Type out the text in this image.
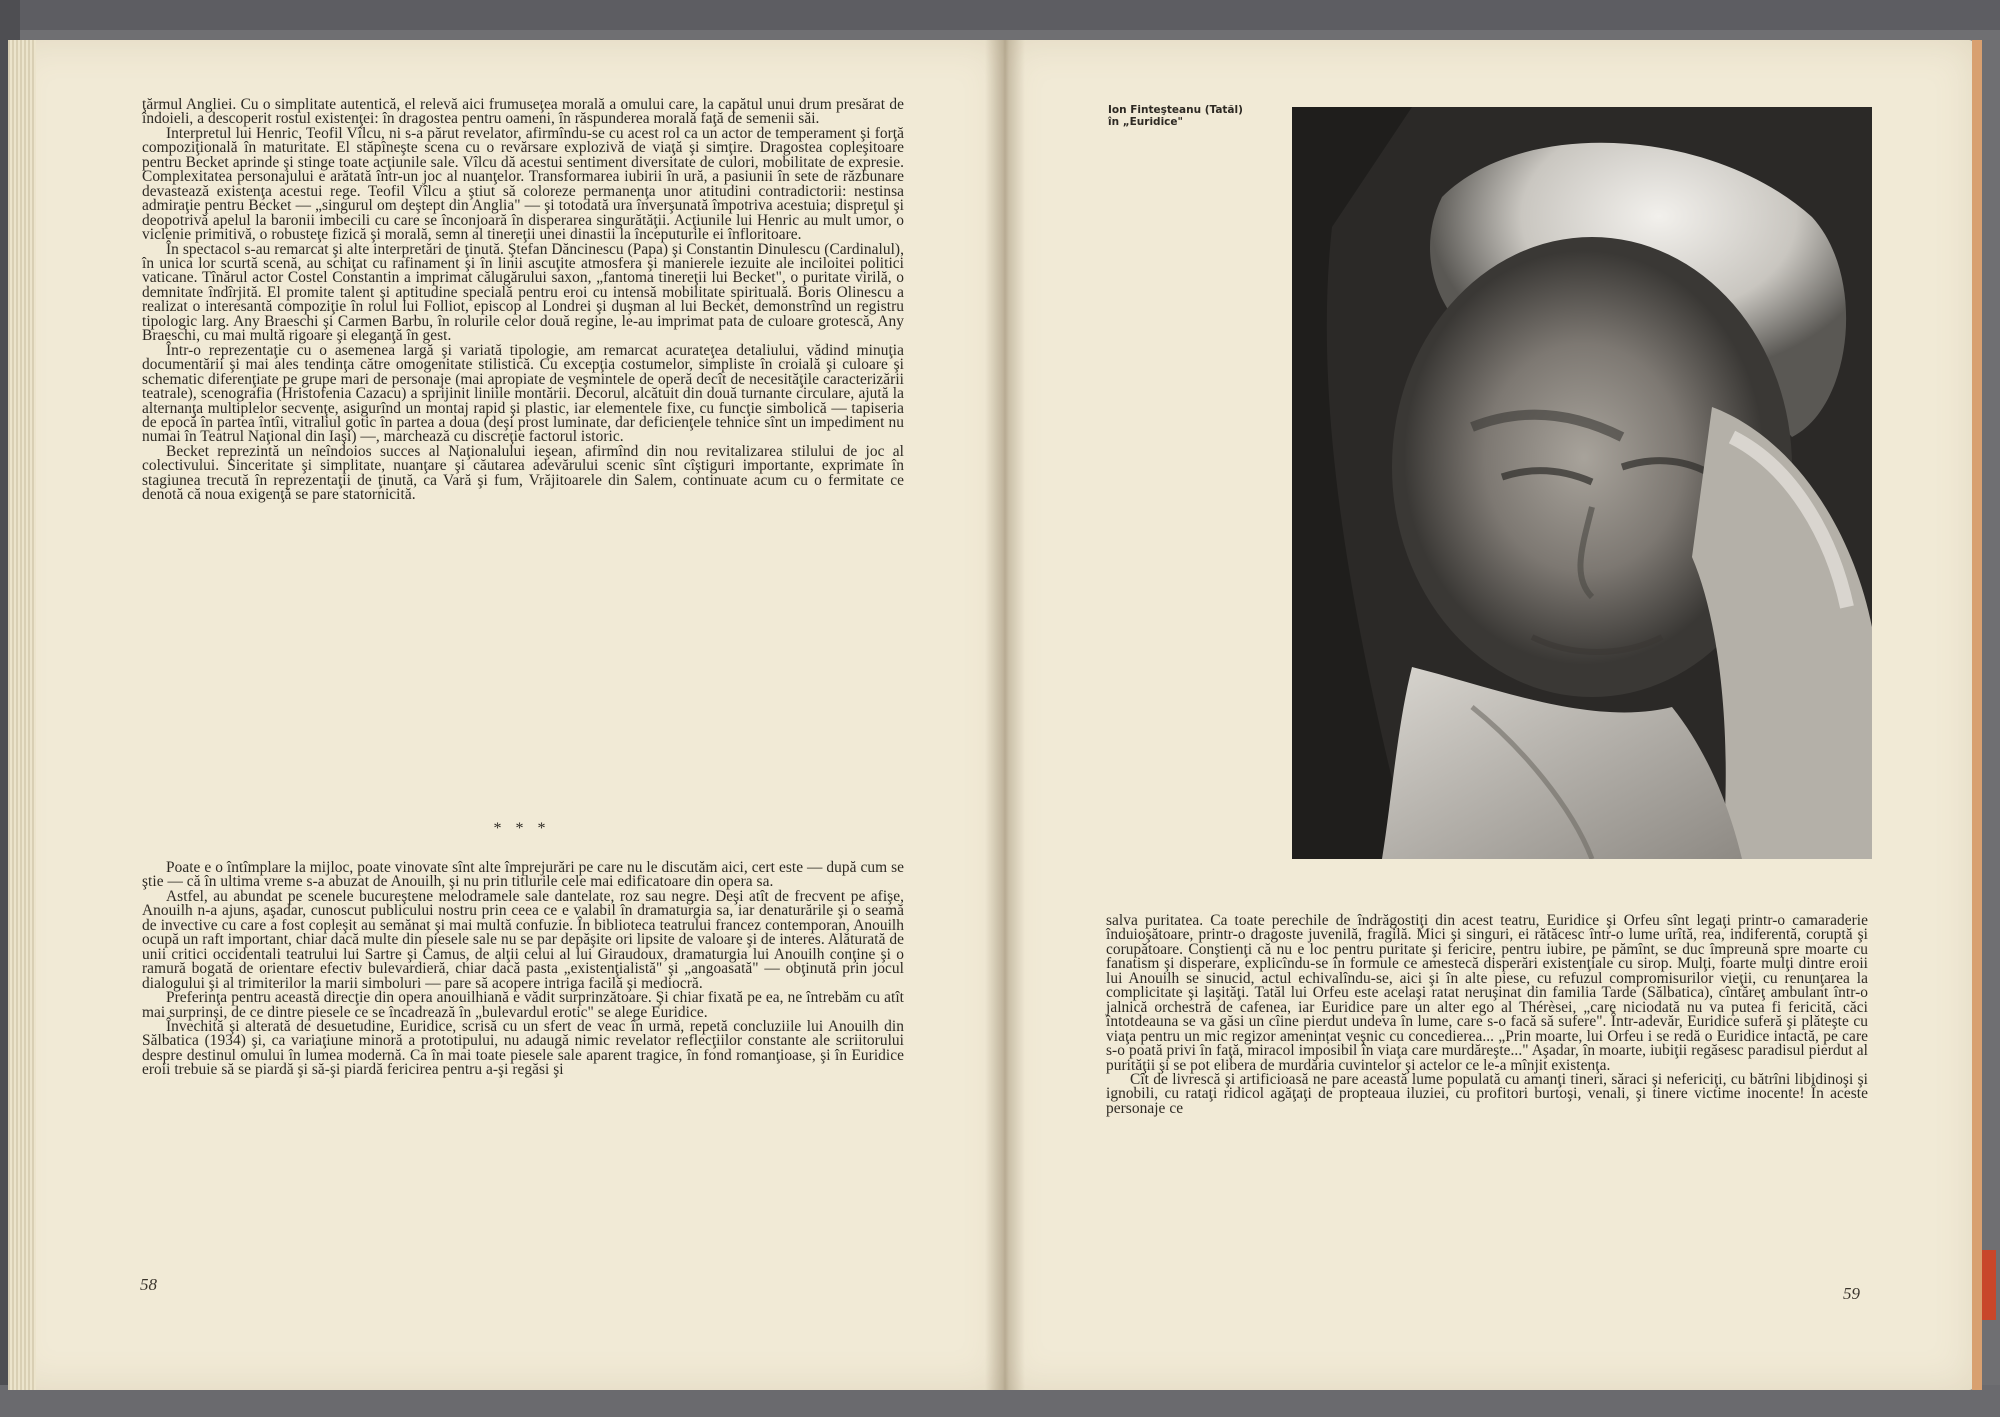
ţărmul Angliei. Cu o simplitate autentică, el relevă aici frumuseţea morală a omului care, la capătul unui drum presărat de îndoieli, a descoperit rostul existenţei: în dragostea pentru oameni, în răspunderea morală faţă de semenii săi.

Interpretul lui Henric, Teofil Vîlcu, ni s-a părut revelator, afirmîndu-se cu acest rol ca un actor de temperament şi forţă compoziţională în maturitate. El stăpîneşte scena cu o revărsare explozivă de viaţă şi simţire. Dragostea copleşitoare pentru Becket aprinde şi stinge toate acţiunile sale. Vîlcu dă acestui sentiment diversitate de culori, mobilitate de expresie. Complexitatea personajului e arătată într-un joc al nuanţelor. Transformarea iubirii în ură, a pasiunii în sete de răzbunare devastează existenţa acestui rege. Teofil Vîlcu a ştiut să coloreze permanenţa unor atitudini contradictorii: nestinsa admiraţie pentru Becket — „singurul om deştept din Anglia" — şi totodată ura înverşunată împotriva acestuia; dispreţul şi deopotrivă apelul la baronii imbecili cu care se înconjoară în disperarea singurătăţii. Acţiunile lui Henric au mult umor, o viclenie primitivă, o robusteţe fizică şi morală, semn al tinereţii unei dinastii la începuturile ei înfloritoare.

În spectacol s-au remarcat şi alte interpretări de ţinută. Ştefan Dăncinescu (Papa) şi Constantin Dinulescu (Cardinalul), în unica lor scurtă scenă, au schiţat cu rafinament şi în linii ascuţite atmosfera şi manierele iezuite ale inciloitei politici vaticane. Tînărul actor Costel Constantin a imprimat călugărului saxon, „fantoma tinereţii lui Becket", o puritate virilă, o demnitate îndîrjită. El promite talent şi aptitudine specială pentru eroi cu intensă mobilitate spirituală. Boris Olinescu a realizat o interesantă compoziţie în rolul lui Folliot, episcop al Londrei şi duşman al lui Becket, demonstrînd un registru tipologic larg. Any Braeschi şi Carmen Barbu, în rolurile celor două regine, le-au imprimat pata de culoare grotescă, Any Braeschi, cu mai multă rigoare şi eleganţă în gest.

Într-o reprezentaţie cu o asemenea largă şi variată tipologie, am remarcat acurateţea detaliului, vădind minuţia documentării şi mai ales tendinţa către omogenitate stilistică. Cu excepţia costumelor, simpliste în croială şi culoare şi schematic diferenţiate pe grupe mari de personaje (mai apropiate de veşmintele de operă decît de necesităţile caracterizării teatrale), scenografia (Hristofenia Cazacu) a sprijinit liniile montării. Decorul, alcătuit din două turnante circulare, ajută la alternanţa multiplelor secvenţe, asigurînd un montaj rapid şi plastic, iar elementele fixe, cu funcţie simbolică — tapiseria de epocă în partea întîi, vitraliul gotic în partea a doua (deşi prost luminate, dar deficienţele tehnice sînt un impediment nu numai în Teatrul Naţional din Iaşi) —, marchează cu discreţie factorul istoric.

Becket reprezintă un neîndoios succes al Naţionalului ieşean, afirmînd din nou revitalizarea stilului de joc al colectivului. Sinceritate şi simplitate, nuanţare şi căutarea adevărului scenic sînt cîştiguri importante, exprimate în stagiunea trecută în reprezentaţii de ţinută, ca Vară şi fum, Vrăjitoarele din Salem, continuate acum cu o fermitate ce denotă că noua exigenţă se pare statornicită.

* * *

Poate e o întîmplare la mijloc, poate vinovate sînt alte împrejurări pe care nu le discutăm aici, cert este — după cum se ştie — că în ultima vreme s-a abuzat de Anouilh, şi nu prin titlurile cele mai edificatoare din opera sa.

Astfel, au abundat pe scenele bucureştene melodramele sale dantelate, roz sau negre. Deşi atît de frecvent pe afişe, Anouilh n-a ajuns, aşadar, cunoscut publicului nostru prin ceea ce e valabil în dramaturgia sa, iar denaturările şi o seamă de invective cu care a fost copleşit au semănat şi mai multă confuzie. În biblioteca teatrului francez contemporan, Anouilh ocupă un raft important, chiar dacă multe din piesele sale nu se par depăşite ori lipsite de valoare şi de interes. Alăturată de unii critici occidentali teatrului lui Sartre şi Camus, de alţii celui al lui Giraudoux, dramaturgia lui Anouilh conţine şi o ramură bogată de orientare efectiv bulevardieră, chiar dacă pasta „existenţialistă" şi „angoasată" — obţinută prin jocul dialogului şi al trimiterilor la marii simboluri — pare să acopere intriga facilă şi mediocră.

Preferinţa pentru această direcţie din opera anouilhiană e vădit surprinzătoare. Şi chiar fixată pe ea, ne întrebăm cu atît mai surprinşi, de ce dintre piesele ce se încadrează în „bulevardul erotic" se alege Euridice.

Învechită şi alterată de desuetudine, Euridice, scrisă cu un sfert de veac în urmă, repetă concluziile lui Anouilh din Sălbatica (1934) şi, ca variaţiune minoră a prototipului, nu adaugă nimic revelator reflecţiilor constante ale scriitorului despre destinul omului în lumea modernă. Ca în mai toate piesele sale aparent tragice, în fond romanţioase, şi în Euridice eroii trebuie să se piardă şi să-şi piardă fericirea pentru a-şi regăsi şi

58
Ion Finteşteanu (Tatăl)
în „Euridice"

salva puritatea. Ca toate perechile de îndrăgostiţi din acest teatru, Euridice şi Orfeu sînt legaţi printr-o camaraderie înduioşătoare, printr-o dragoste juvenilă, fragilă. Mici şi singuri, ei rătăcesc într-o lume urîtă, rea, indiferentă, coruptă şi corupătoare. Conştienţi că nu e loc pentru puritate şi fericire, pentru iubire, pe pămînt, se duc împreună spre moarte cu fanatism şi disperare, explicîndu-se în formule ce amestecă disperări existenţiale cu sirop. Mulţi, foarte mulţi dintre eroii lui Anouilh se sinucid, actul echivalîndu-se, aici şi în alte piese, cu refuzul compromisurilor vieţii, cu renunţarea la complicitate şi laşităţi. Tatăl lui Orfeu este acelaşi ratat neruşinat din familia Tarde (Sălbatica), cîntăreţ ambulant într-o jalnică orchestră de cafenea, iar Euridice pare un alter ego al Thérèsei, „care niciodată nu va putea fi fericită, căci întotdeauna se va găsi un cîine pierdut undeva în lume, care s-o facă să sufere". Într-adevăr, Euridice suferă şi plăteşte cu viaţa pentru un mic regizor amenințat veşnic cu concedierea... „Prin moarte, lui Orfeu i se redă o Euridice intactă, pe care s-o poată privi în faţă, miracol imposibil în viaţa care murdăreşte..." Aşadar, în moarte, iubiţii regăsesc paradisul pierdut al purităţii şi se pot elibera de murdăria cuvintelor şi actelor ce le-a mînjit existenţa.

Cît de livrescă şi artificioasă ne pare această lume populată cu amanţi tineri, săraci şi nefericiţi, cu bătrîni libidinoşi şi ignobili, cu rataţi ridicol agăţaţi de propteaua iluziei, cu profitori burtoşi, venali, şi tinere victime inocente! În aceste personaje ce

59
